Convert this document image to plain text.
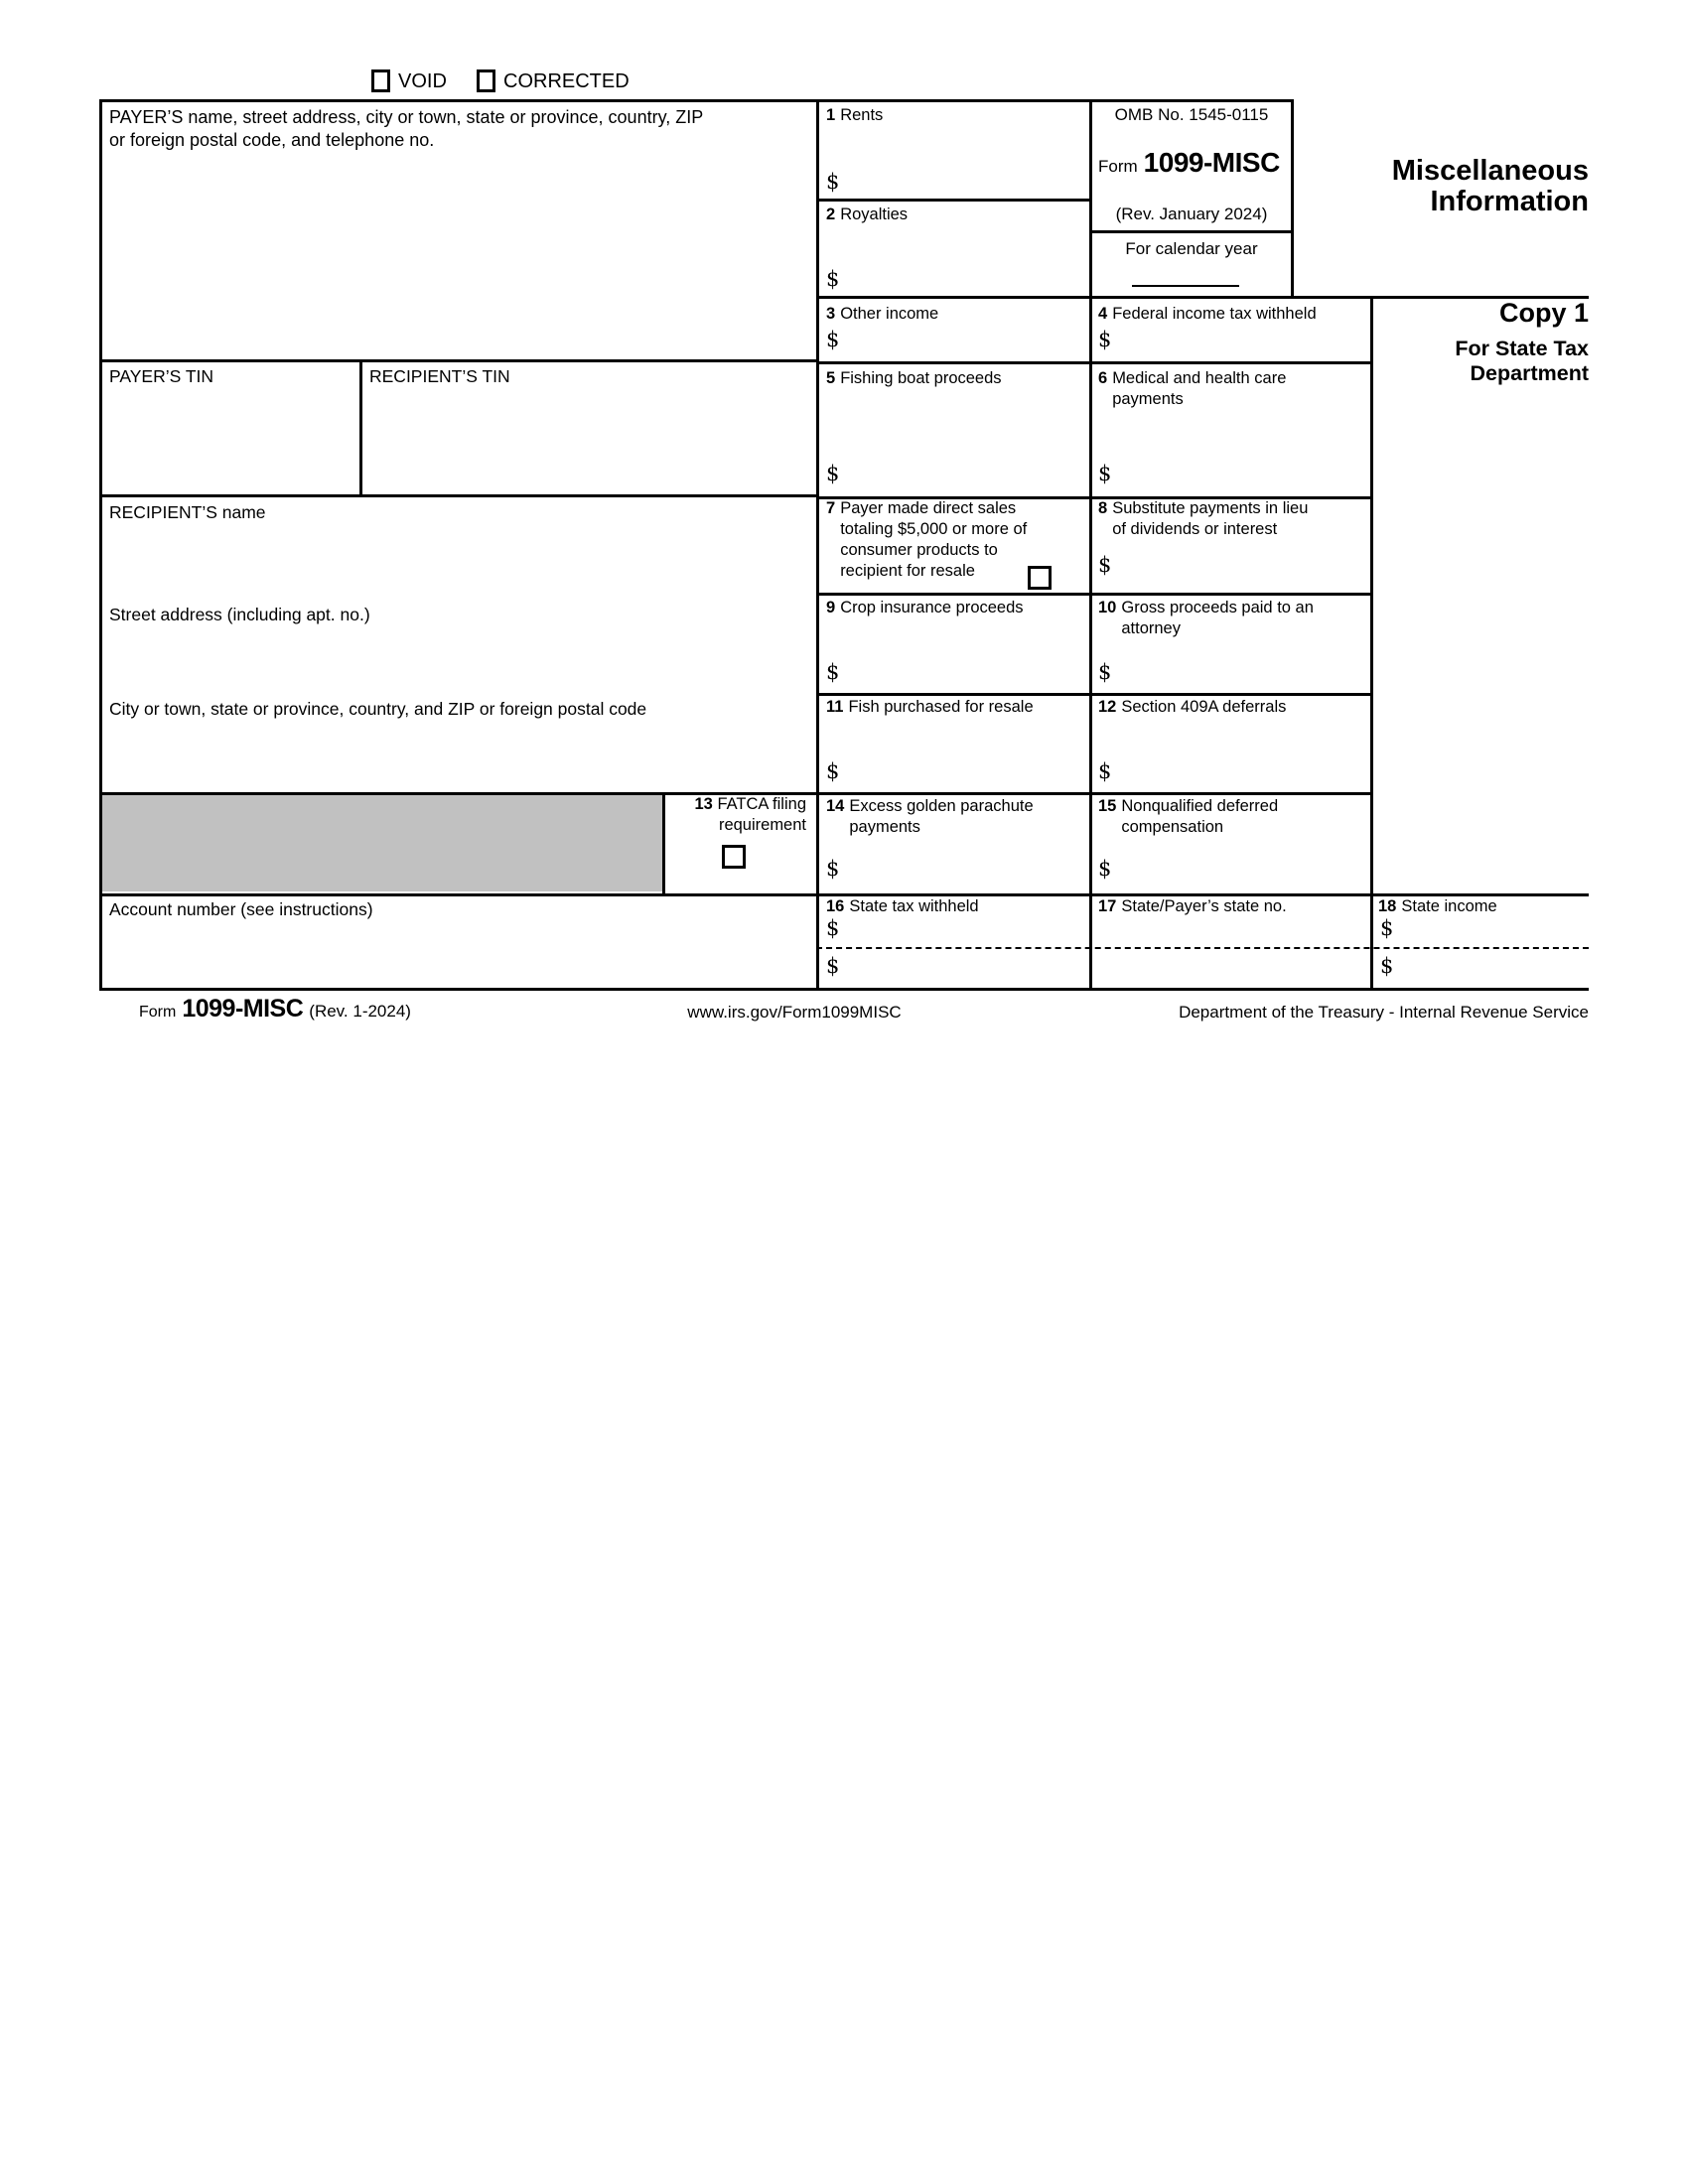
VOID	CORRECTED
PAYER’S name, street address, city or town, state or province, country, ZIP or foreign postal code, and telephone no.
OMB No. 1545-0115
Form 1099-MISC
(Rev. January 2024)
For calendar year
Miscellaneous Information
Copy 1
For State Tax
Department
PAYER’S TIN	RECIPIENT’S TIN
RECIPIENT’S name
Street address (including apt. no.)
City or town, state or province, country, and ZIP or foreign postal code
Account number (see instructions)
1 Rents
$
2 Royalties
$
3 Other income
$
4 Federal income tax withheld
$
5 Fishing boat proceeds
$
6 Medical and health care payments
$
7 Payer made direct sales totaling $5,000 or more of consumer products to recipient for resale
8 Substitute payments in lieu of dividends or interest
$
9 Crop insurance proceeds
$
10 Gross proceeds paid to an attorney
$
11 Fish purchased for resale
$
12 Section 409A deferrals
$
13 FATCA filing requirement
14 Excess golden parachute payments
$
15 Nonqualified deferred compensation
$
16 State tax withheld
$
$
17 State/Payer’s state no.	18 State income
$
$
Form 1099-MISC (Rev. 1-2024)	www.irs.gov/Form1099MISC	Department of the Treasury - Internal Revenue Service
